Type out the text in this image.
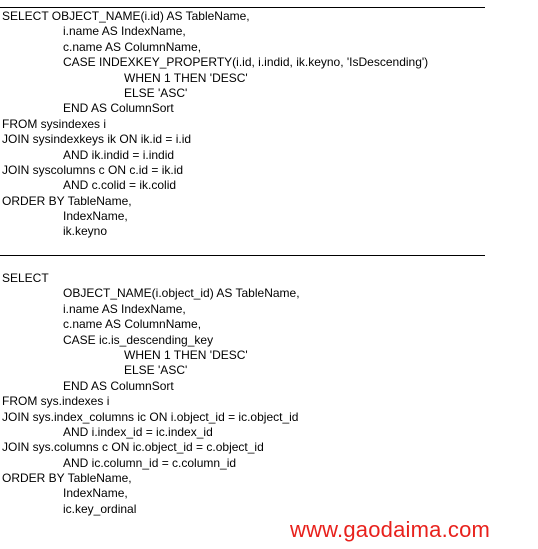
SELECT OBJECT_NAME(i.id) AS TableName,
i.name AS IndexName,
c.name AS ColumnName,
CASE INDEXKEY_PROPERTY(i.id, i.indid, ik.keyno, 'IsDescending')
WHEN 1 THEN 'DESC'
ELSE 'ASC'
END AS ColumnSort
FROM sysindexes i
JOIN sysindexkeys ik ON ik.id = i.id
AND ik.indid = i.indid
JOIN syscolumns c ON c.id = ik.id
AND c.colid = ik.colid
ORDER BY TableName,
IndexName,
ik.keyno
SELECT
OBJECT_NAME(i.object_id) AS TableName,
i.name AS IndexName,
c.name AS ColumnName,
CASE ic.is_descending_key
WHEN 1 THEN 'DESC'
ELSE 'ASC'
END AS ColumnSort
FROM sys.indexes i
JOIN sys.index_columns ic ON i.object_id = ic.object_id
AND i.index_id = ic.index_id
JOIN sys.columns c ON ic.object_id = c.object_id
AND ic.column_id = c.column_id
ORDER BY TableName,
IndexName,
ic.key_ordinal
www.gaodaima.com
